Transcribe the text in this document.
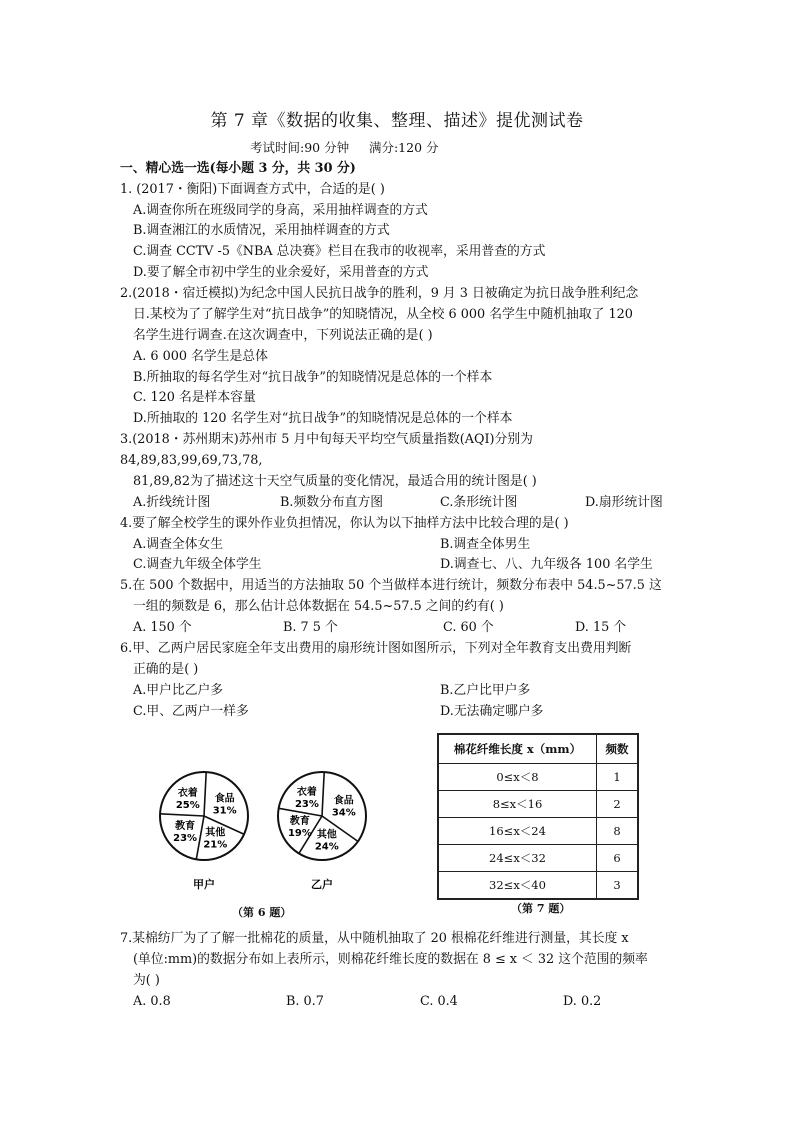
第 7 章《数据的收集、整理、描述》提优测试卷
考试时间:90 分钟     满分:120 分
一、精心选一选(每小题 3 分，共 30 分)
1. (2017・衡阳)下面调查方式中，合适的是( )
A.调查你所在班级同学的身高，采用抽样调查的方式
B.调查湘江的水质情况，采用抽样调查的方式
C.调查 CCTV -5《NBA 总决赛》栏目在我市的收视率，采用普查的方式
D.要了解全市初中学生的业余爱好，采用普查的方式
2.(2018・宿迁模拟)为纪念中国人民抗日战争的胜利，9 月 3 日被确定为抗日战争胜利纪念
日.某校为了了解学生对“抗日战争”的知晓情况，从全校 6 000 名学生中随机抽取了 120
名学生进行调查.在这次调查中，下列说法正确的是( )
A. 6 000 名学生是总体
B.所抽取的每名学生对“抗日战争”的知晓情况是总体的一个样本
C. 120 名是样本容量
D.所抽取的 120 名学生对“抗日战争”的知晓情况是总体的一个样本
3.(2018・苏州期末)苏州市 5 月中旬每天平均空气质量指数(AQI)分别为
84,89,83,99,69,73,78,
81,89,82为了描述这十天空气质量的变化情况，最适合用的统计图是( )
A.折线统计图	B.频数分布直方图	C.条形统计图	D.扇形统计图
4.要了解全校学生的课外作业负担情况，你认为以下抽样方法中比较合理的是( )
A.调查全体女生	B.调查全体男生
C.调查九年级全体学生	D.调查七、八、九年级各 100 名学生
5.在 500 个数据中，用适当的方法抽取 50 个当做样本进行统计，频数分布表中 54.5~57.5 这
一组的频数是 6，那么估计总体数据在 54.5~57.5 之间的约有( )
A. 150 个	B. 7 5 个	C. 60 个	D. 15 个
6.甲、乙两户居民家庭全年支出费用的扇形统计图如图所示，下列对全年教育支出费用判断
正确的是( )
A.甲户比乙户多	B.乙户比甲户多
C.甲、乙两户一样多	D.无法确定哪户多
食品
31%
其他
21%
教育
23%
衣着
25%	食品
34%
其他
24%
教育
19%
衣着
23%
甲户	乙户
（第 6 题）
棉花纤维长度 x（mm）	频数
0≤x＜8	1
8≤x＜16	2
16≤x＜24	8
24≤x＜32	6
32≤x＜40	3
（第 7 题）
7.某棉纺厂为了了解一批棉花的质量，从中随机抽取了 20 根棉花纤维进行测量，其长度 x
(单位:mm)的数据分布如上表所示，则棉花纤维长度的数据在 8 ≤ x ＜ 32 这个范围的频率
为( )
A. 0.8	B. 0.7	C. 0.4	D. 0.2
